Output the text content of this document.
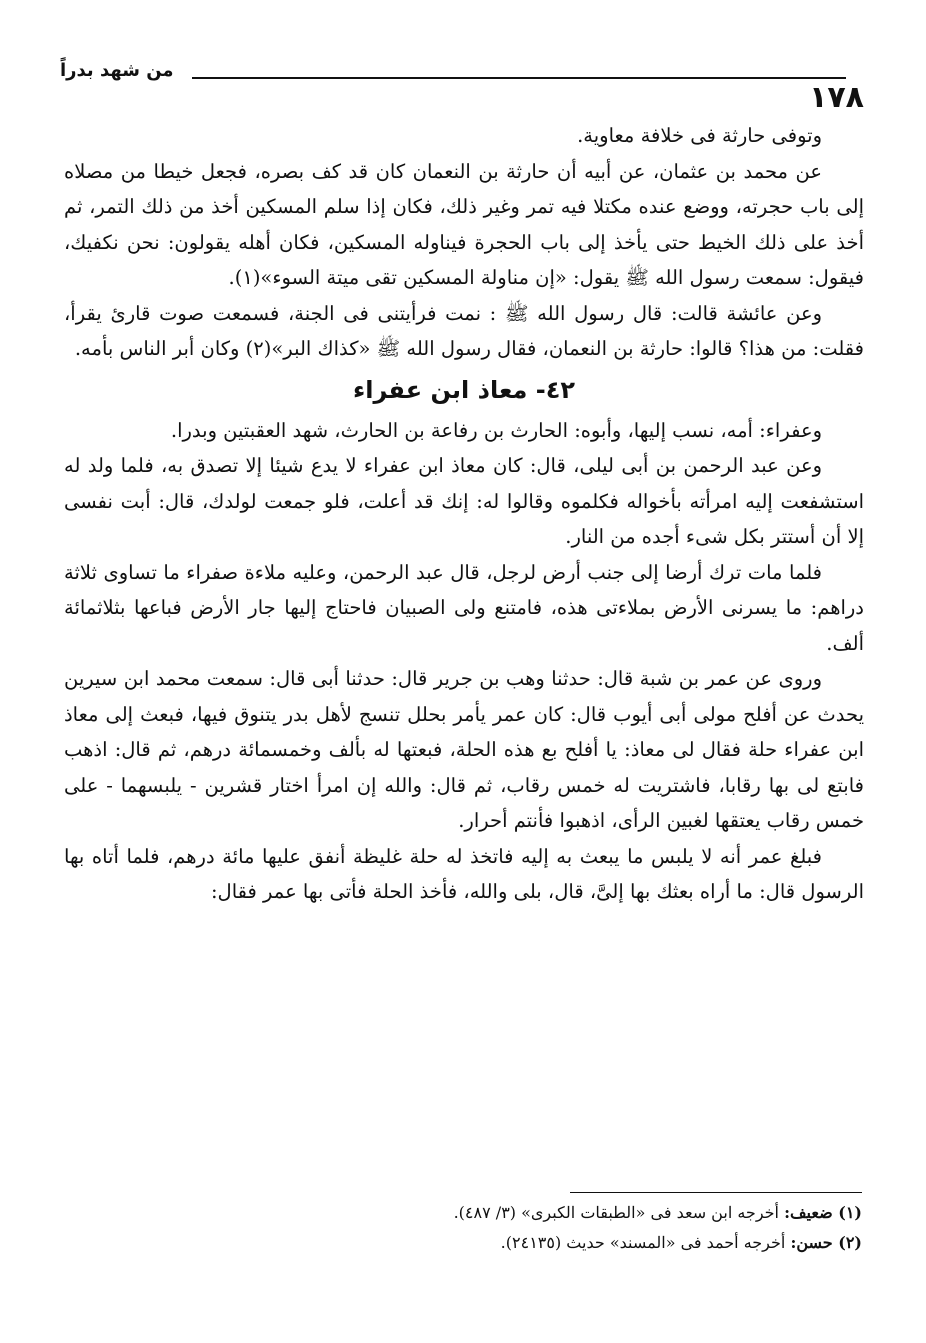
١٧٨
من شهد بدراً

وتوفى حارثة فى خلافة معاوية.

عن محمد بن عثمان، عن أبيه أن حارثة بن النعمان كان قد كف بصره، فجعل خيطا من مصلاه إلى باب حجرته، ووضع عنده مكتلا فيه تمر وغير ذلك، فكان إذا سلم المسكين أخذ من ذلك التمر، ثم أخذ على ذلك الخيط حتى يأخذ إلى باب الحجرة فيناوله المسكين، فكان أهله يقولون: نحن نكفيك، فيقول: سمعت رسول الله ﷺ يقول: «إن مناولة المسكين تقى ميتة السوء»(١).

وعن عائشة قالت: قال رسول الله ﷺ : نمت فرأيتنى فى الجنة، فسمعت صوت قارئ يقرأ، فقلت: من هذا؟ قالوا: حارثة بن النعمان، فقال رسول الله ﷺ «كذاك البر»(٢) وكان أبر الناس بأمه.

٤٢- معاذ ابن عفراء

وعفراء: أمه، نسب إليها، وأبوه: الحارث بن رفاعة بن الحارث، شهد العقبتين وبدرا.

وعن عبد الرحمن بن أبى ليلى، قال: كان معاذ ابن عفراء لا يدع شيئا إلا تصدق به، فلما ولد له استشفعت إليه امرأته بأخواله فكلموه وقالوا له: إنك قد أعلت، فلو جمعت لولدك، قال: أبت نفسى إلا أن أستتر بكل شىء أجده من النار.

فلما مات ترك أرضا إلى جنب أرض لرجل، قال عبد الرحمن، وعليه ملاءة صفراء ما تساوى ثلاثة دراهم: ما يسرنى الأرض بملاءتى هذه، فامتنع ولى الصبيان فاحتاج إليها جار الأرض فباعها بثلاثمائة ألف.

وروى عن عمر بن شبة قال: حدثنا وهب بن جرير قال: حدثنا أبى قال: سمعت محمد ابن سيرين يحدث عن أفلح مولى أبى أيوب قال: كان عمر يأمر بحلل تنسج لأهل بدر يتنوق فيها، فبعث إلى معاذ ابن عفراء حلة فقال لى معاذ: يا أفلح بع هذه الحلة، فبعتها له بألف وخمسمائة درهم، ثم قال: اذهب فابتع لى بها رقابا، فاشتريت له خمس رقاب، ثم قال: والله إن امرأ اختار قشرين - يلبسهما - على خمس رقاب يعتقها لغبين الرأى، اذهبوا فأنتم أحرار.

فبلغ عمر أنه لا يلبس ما يبعث به إليه فاتخذ له حلة غليظة أنفق عليها مائة درهم، فلما أتاه بها الرسول قال: ما أراه بعثك بها إلىَّ، قال، بلى والله، فأخذ الحلة فأتى بها عمر فقال:

(١) ضعيف: أخرجه ابن سعد فى «الطبقات الكبرى» (٣/ ٤٨٧).

(٢) حسن: أخرجه أحمد فى «المسند» حديث (٢٤١٣٥).
